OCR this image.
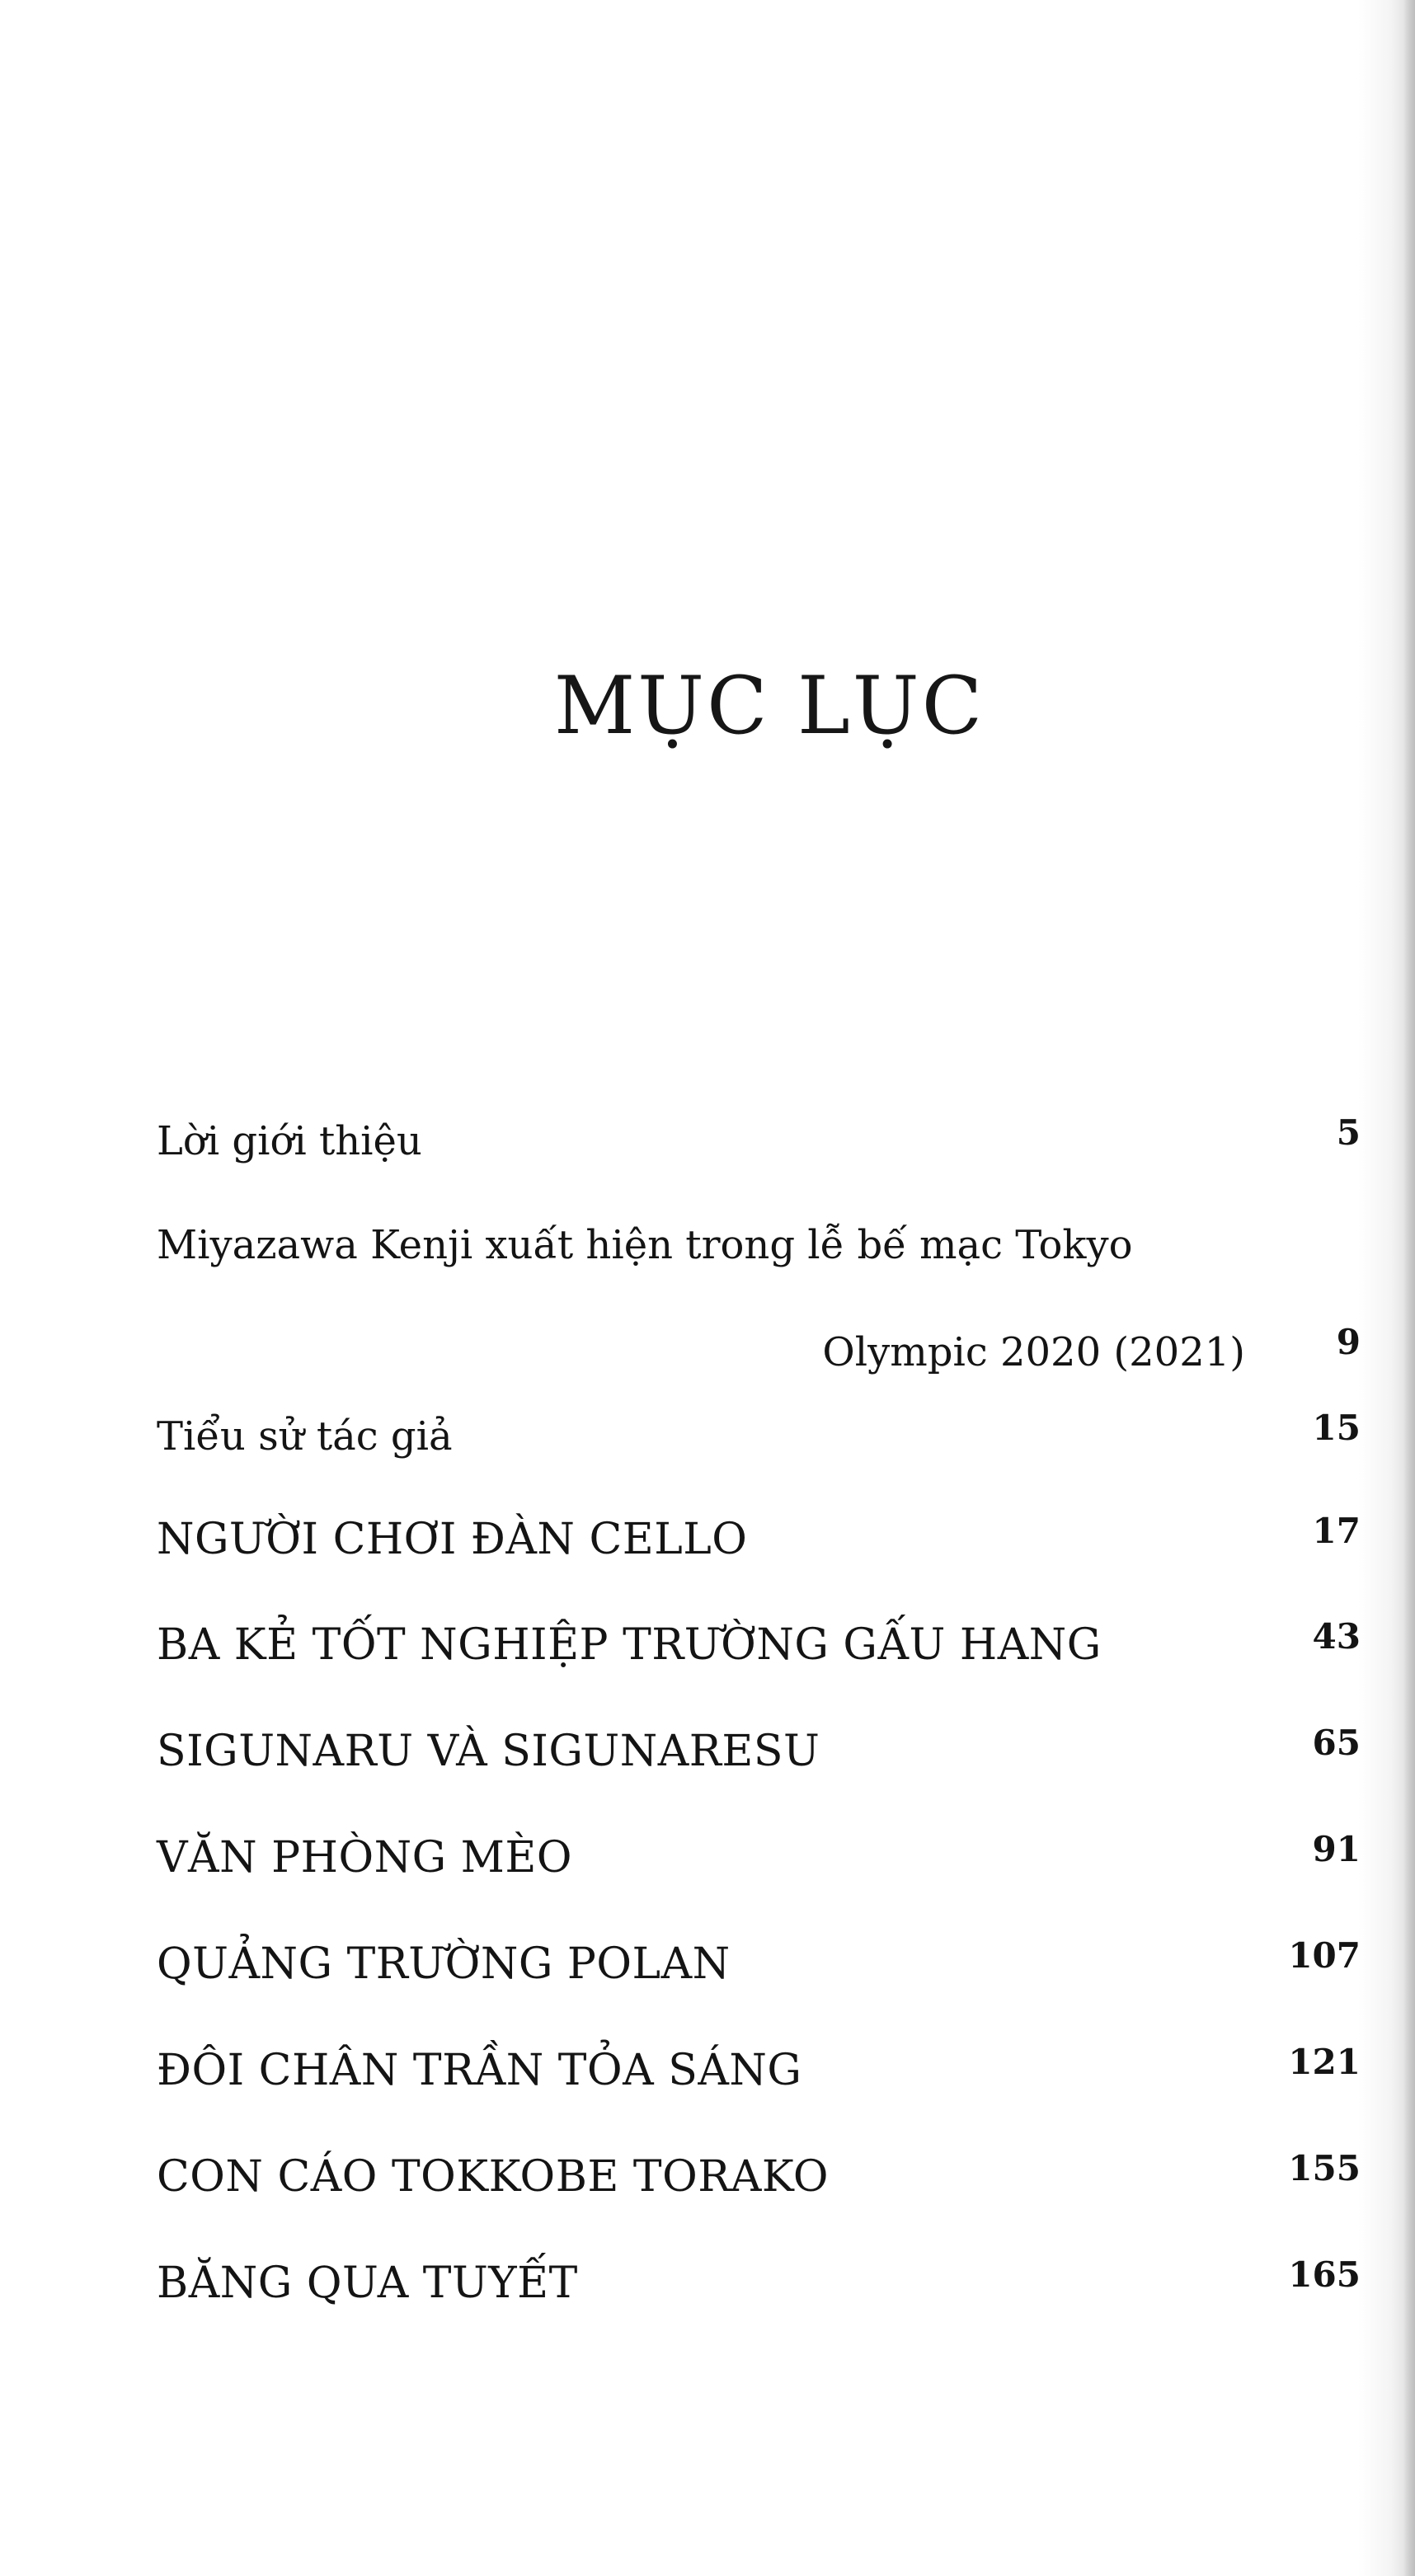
MỤC LỤC
Lời giới thiệu	5
Miyazawa Kenji xuất hiện trong lễ bế mạc Tokyo
Olympic 2020 (2021)	9
Tiểu sử tác giả	15
NGƯỜI CHƠI ĐÀN CELLO	17
BA KẺ TỐT NGHIỆP TRƯỜNG GẤU HANG	43
SIGUNARU VÀ SIGUNARESU	65
VĂN PHÒNG MÈO	91
QUẢNG TRƯỜNG POLAN	107
ĐÔI CHÂN TRẦN TỎA SÁNG	121
CON CÁO TOKKOBE TORAKO	155
BĂNG QUA TUYẾT	165
